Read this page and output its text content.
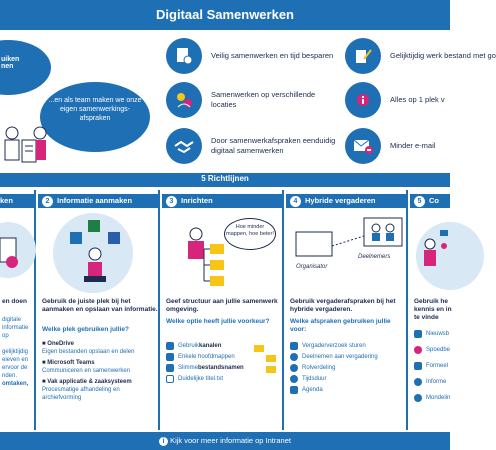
Digitaal Samenwerken
uiken
nen
...en als team maken we onze eigen samenwerkings-afspraken
Veilig samenwerken en tijd besparen
Samenwerken op verschillende locaties
Door samenwerkafspraken eenduidig digitaal samenwerken
Gelijktijdig werk bestand met go
Alles op 1 plek v
Minder e-mail
5 Richtlijnen
ken
en doen
digitale
informatie op
gelijktijdig
eieven en
ervoor de
nden.
omtaken,
2 Informatie aanmaken
Gebruik de juiste plek bij het aanmaken en opslaan van informatie.
Welke plek gebruiken jullie?
■ OneDrive
Eigen bestanden opslaan en delen
■ Microsoft Teams
Communiceren en samenwerken
■ Vak applicatie & zaaksysteem
Procesmatige afhandeling en archiefvorming
3 Inrichten
Hoe minder mappen, hoe beter!
Geef structuur aan jullie samenwerk omgeving.
Welke optie heeft jullie voorkeur?
Gebruik kanalen
Enkele hoofdmappen
Slimme bestandsnamen
Duidelijke titel.txt
4 Hybride vergaderen
Organisator
Deelnemers
Gebruik vergaderafspraken bij het hybride vergaderen.
Welke afspraken gebruiken jullie voor:
Vergaderverzoek sturen
Deelnemen aan vergadering
Rolverdeling
Tijdsduur
Agenda
5 Co
Gebruik he kennis en in te vinde
Nieuwsb
Spoedbe
Formeel
Informe
Mondelin
i Kijk voor meer informatie op Intranet
